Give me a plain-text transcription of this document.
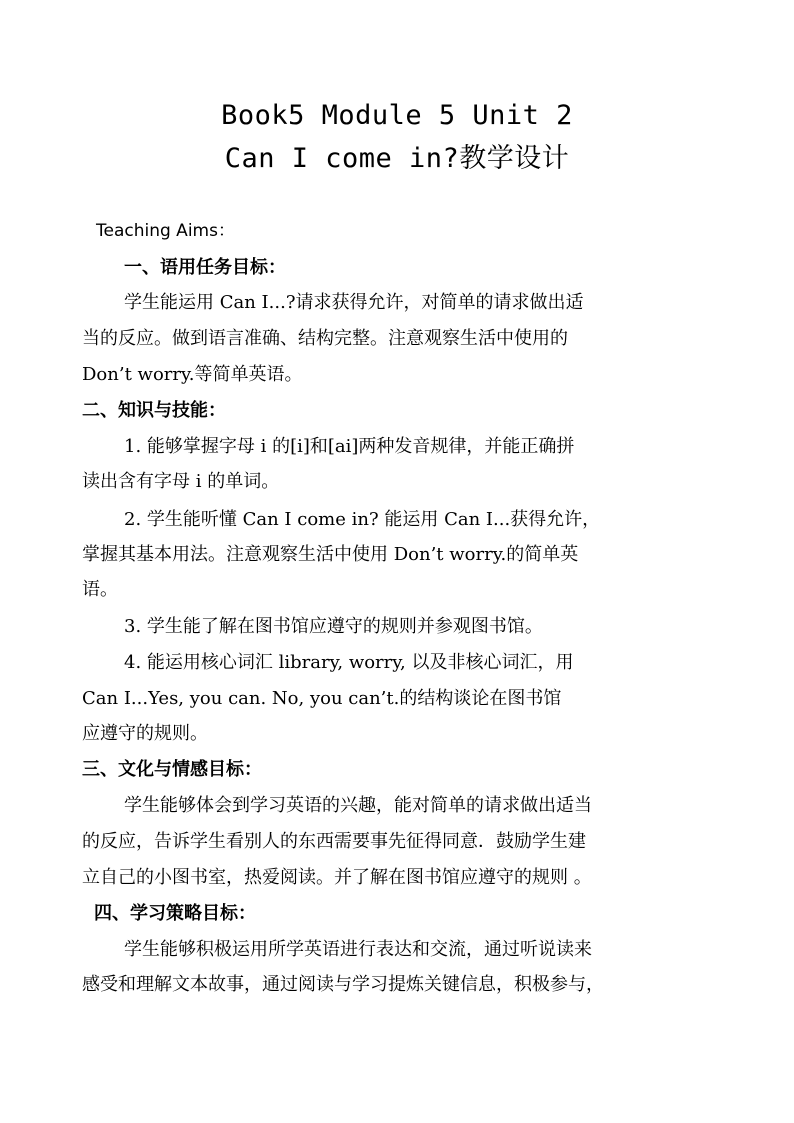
Book5 Module 5 Unit 2
Can I come in?教学设计
Teaching Aims：
一、语用任务目标：
学生能运用 Can I...?请求获得允许，对简单的请求做出适
当的反应。做到语言准确、结构完整。注意观察生活中使用的
Don’t worry.等简单英语。
二、知识与技能：
1. 能够掌握字母 i 的[i]和[ai]两种发音规律，并能正确拼
读出含有字母 i 的单词。
2. 学生能听懂 Can I come in? 能运用 Can I...获得允许，
掌握其基本用法。注意观察生活中使用 Don’t worry.的简单英
语。
3. 学生能了解在图书馆应遵守的规则并参观图书馆。
4. 能运用核心词汇 library, worry, 以及非核心词汇，用
Can I...Yes, you can. No, you can’t.的结构谈论在图书馆
应遵守的规则。
三、文化与情感目标：
学生能够体会到学习英语的兴趣，能对简单的请求做出适当
的反应，告诉学生看别人的东西需要事先征得同意．鼓励学生建
立自己的小图书室，热爱阅读。并了解在图书馆应遵守的规则 。
四、学习策略目标：
学生能够积极运用所学英语进行表达和交流，通过听说读来
感受和理解文本故事，通过阅读与学习提炼关键信息，积极参与，
